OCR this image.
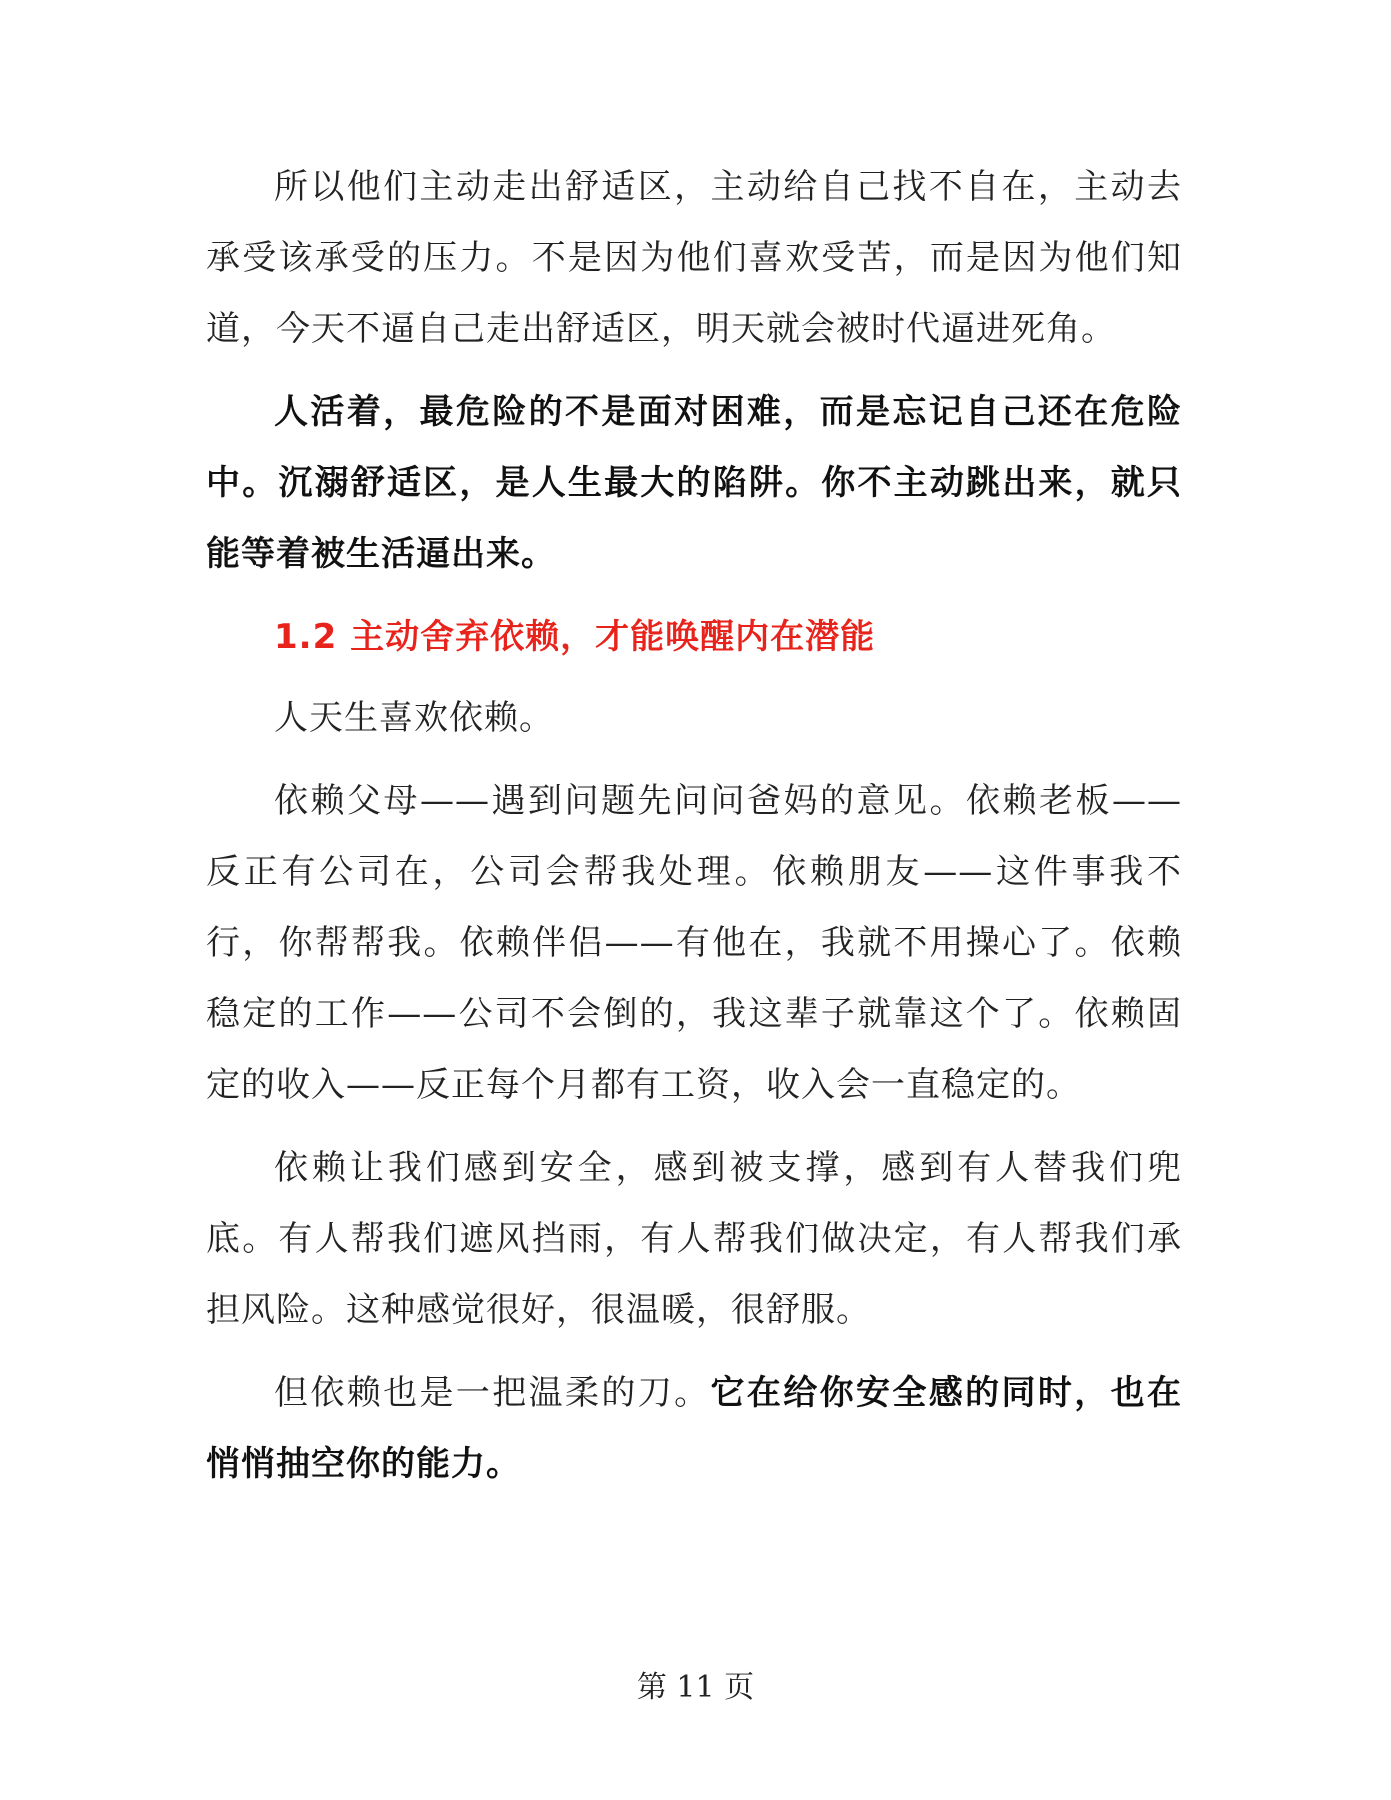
所以他们主动走出舒适区，主动给自己找不自在，主动去承受该承受的压力。不是因为他们喜欢受苦，而是因为他们知道，今天不逼自己走出舒适区，明天就会被时代逼进死角。

人活着，最危险的不是面对困难，而是忘记自己还在危险中。沉溺舒适区，是人生最大的陷阱。你不主动跳出来，就只能等着被生活逼出来。

1.2 主动舍弃依赖，才能唤醒内在潜能

人天生喜欢依赖。

依赖父母——遇到问题先问问爸妈的意见。依赖老板——反正有公司在，公司会帮我处理。依赖朋友——这件事我不行，你帮帮我。依赖伴侣——有他在，我就不用操心了。依赖稳定的工作——公司不会倒的，我这辈子就靠这个了。依赖固定的收入——反正每个月都有工资，收入会一直稳定的。

依赖让我们感到安全，感到被支撑，感到有人替我们兜底。有人帮我们遮风挡雨，有人帮我们做决定，有人帮我们承担风险。这种感觉很好，很温暖，很舒服。

但依赖也是一把温柔的刀。它在给你安全感的同时，也在悄悄抽空你的能力。

第 11 页
